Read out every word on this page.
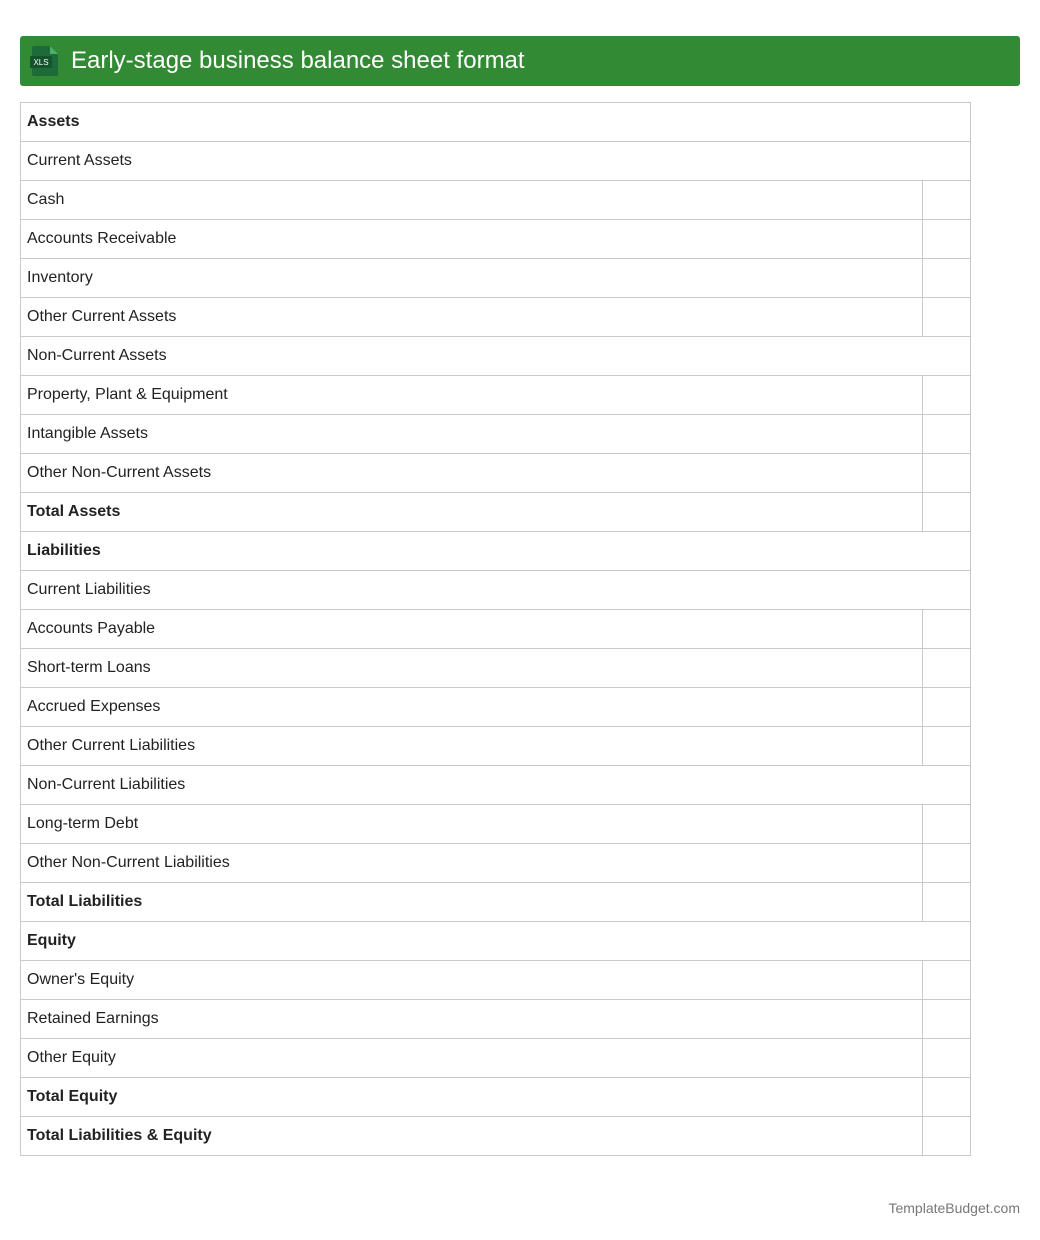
XLS Early-stage business balance sheet format
Assets	
Current Assets	
Cash	
Accounts Receivable	
Inventory	
Other Current Assets	
Non-Current Assets	
Property, Plant & Equipment	
Intangible Assets	
Other Non-Current Assets	
Total Assets	
Liabilities	
Current Liabilities	
Accounts Payable	
Short-term Loans	
Accrued Expenses	
Other Current Liabilities	
Non-Current Liabilities	
Long-term Debt	
Other Non-Current Liabilities	
Total Liabilities	
Equity	
Owner's Equity	
Retained Earnings	
Other Equity	
Total Equity	
Total Liabilities & Equity	
TemplateBudget.com
